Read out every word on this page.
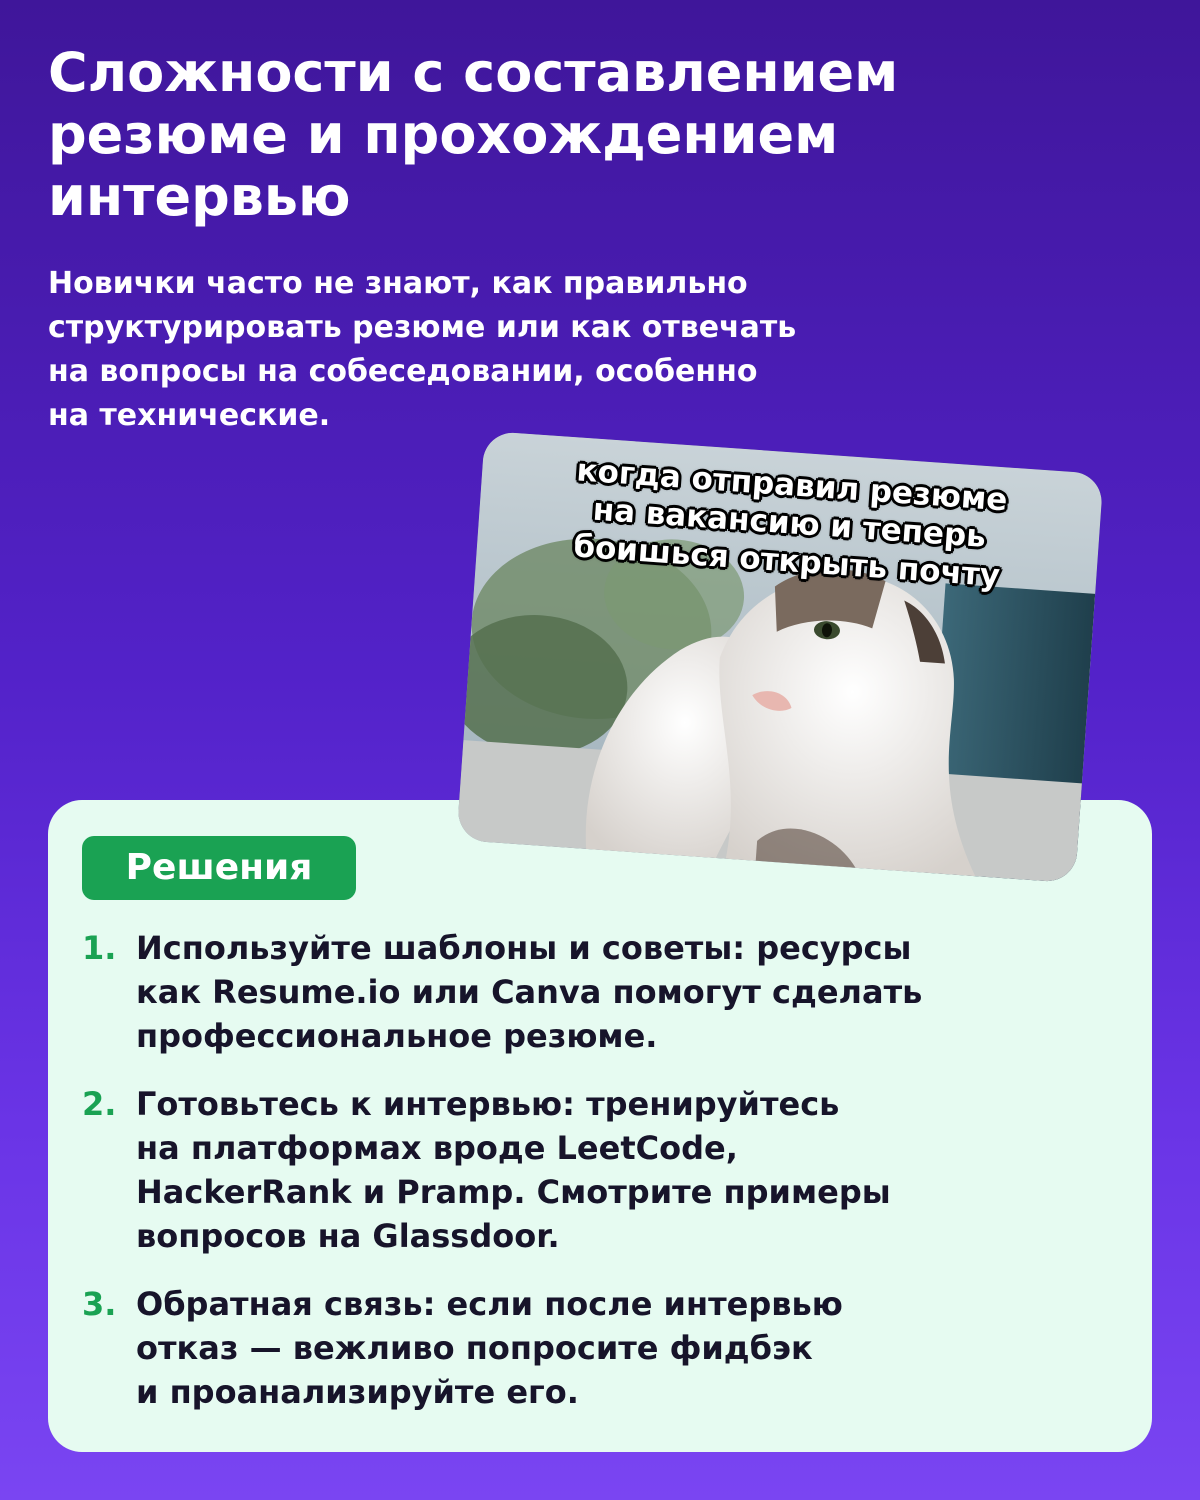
Сложности с составлением
резюме и прохождением
интервью

Новички часто не знают, как правильно
структурировать резюме или как отвечать
на вопросы на собеседовании, особенно
на технические.

Решения
1. Используйте шаблоны и советы: ресурсы
как Resume.io или Canva помогут сделать
профессиональное резюме.
2. Готовьтесь к интервью: тренируйтесь
на платформах вроде LeetCode,
HackerRank и Pramp. Смотрите примеры
вопросов на Glassdoor.
3. Обратная связь: если после интервью
отказ — вежливо попросите фидбэк
и проанализируйте его.
когда отправил резюме
на вакансию и теперь
боишься открыть почту
